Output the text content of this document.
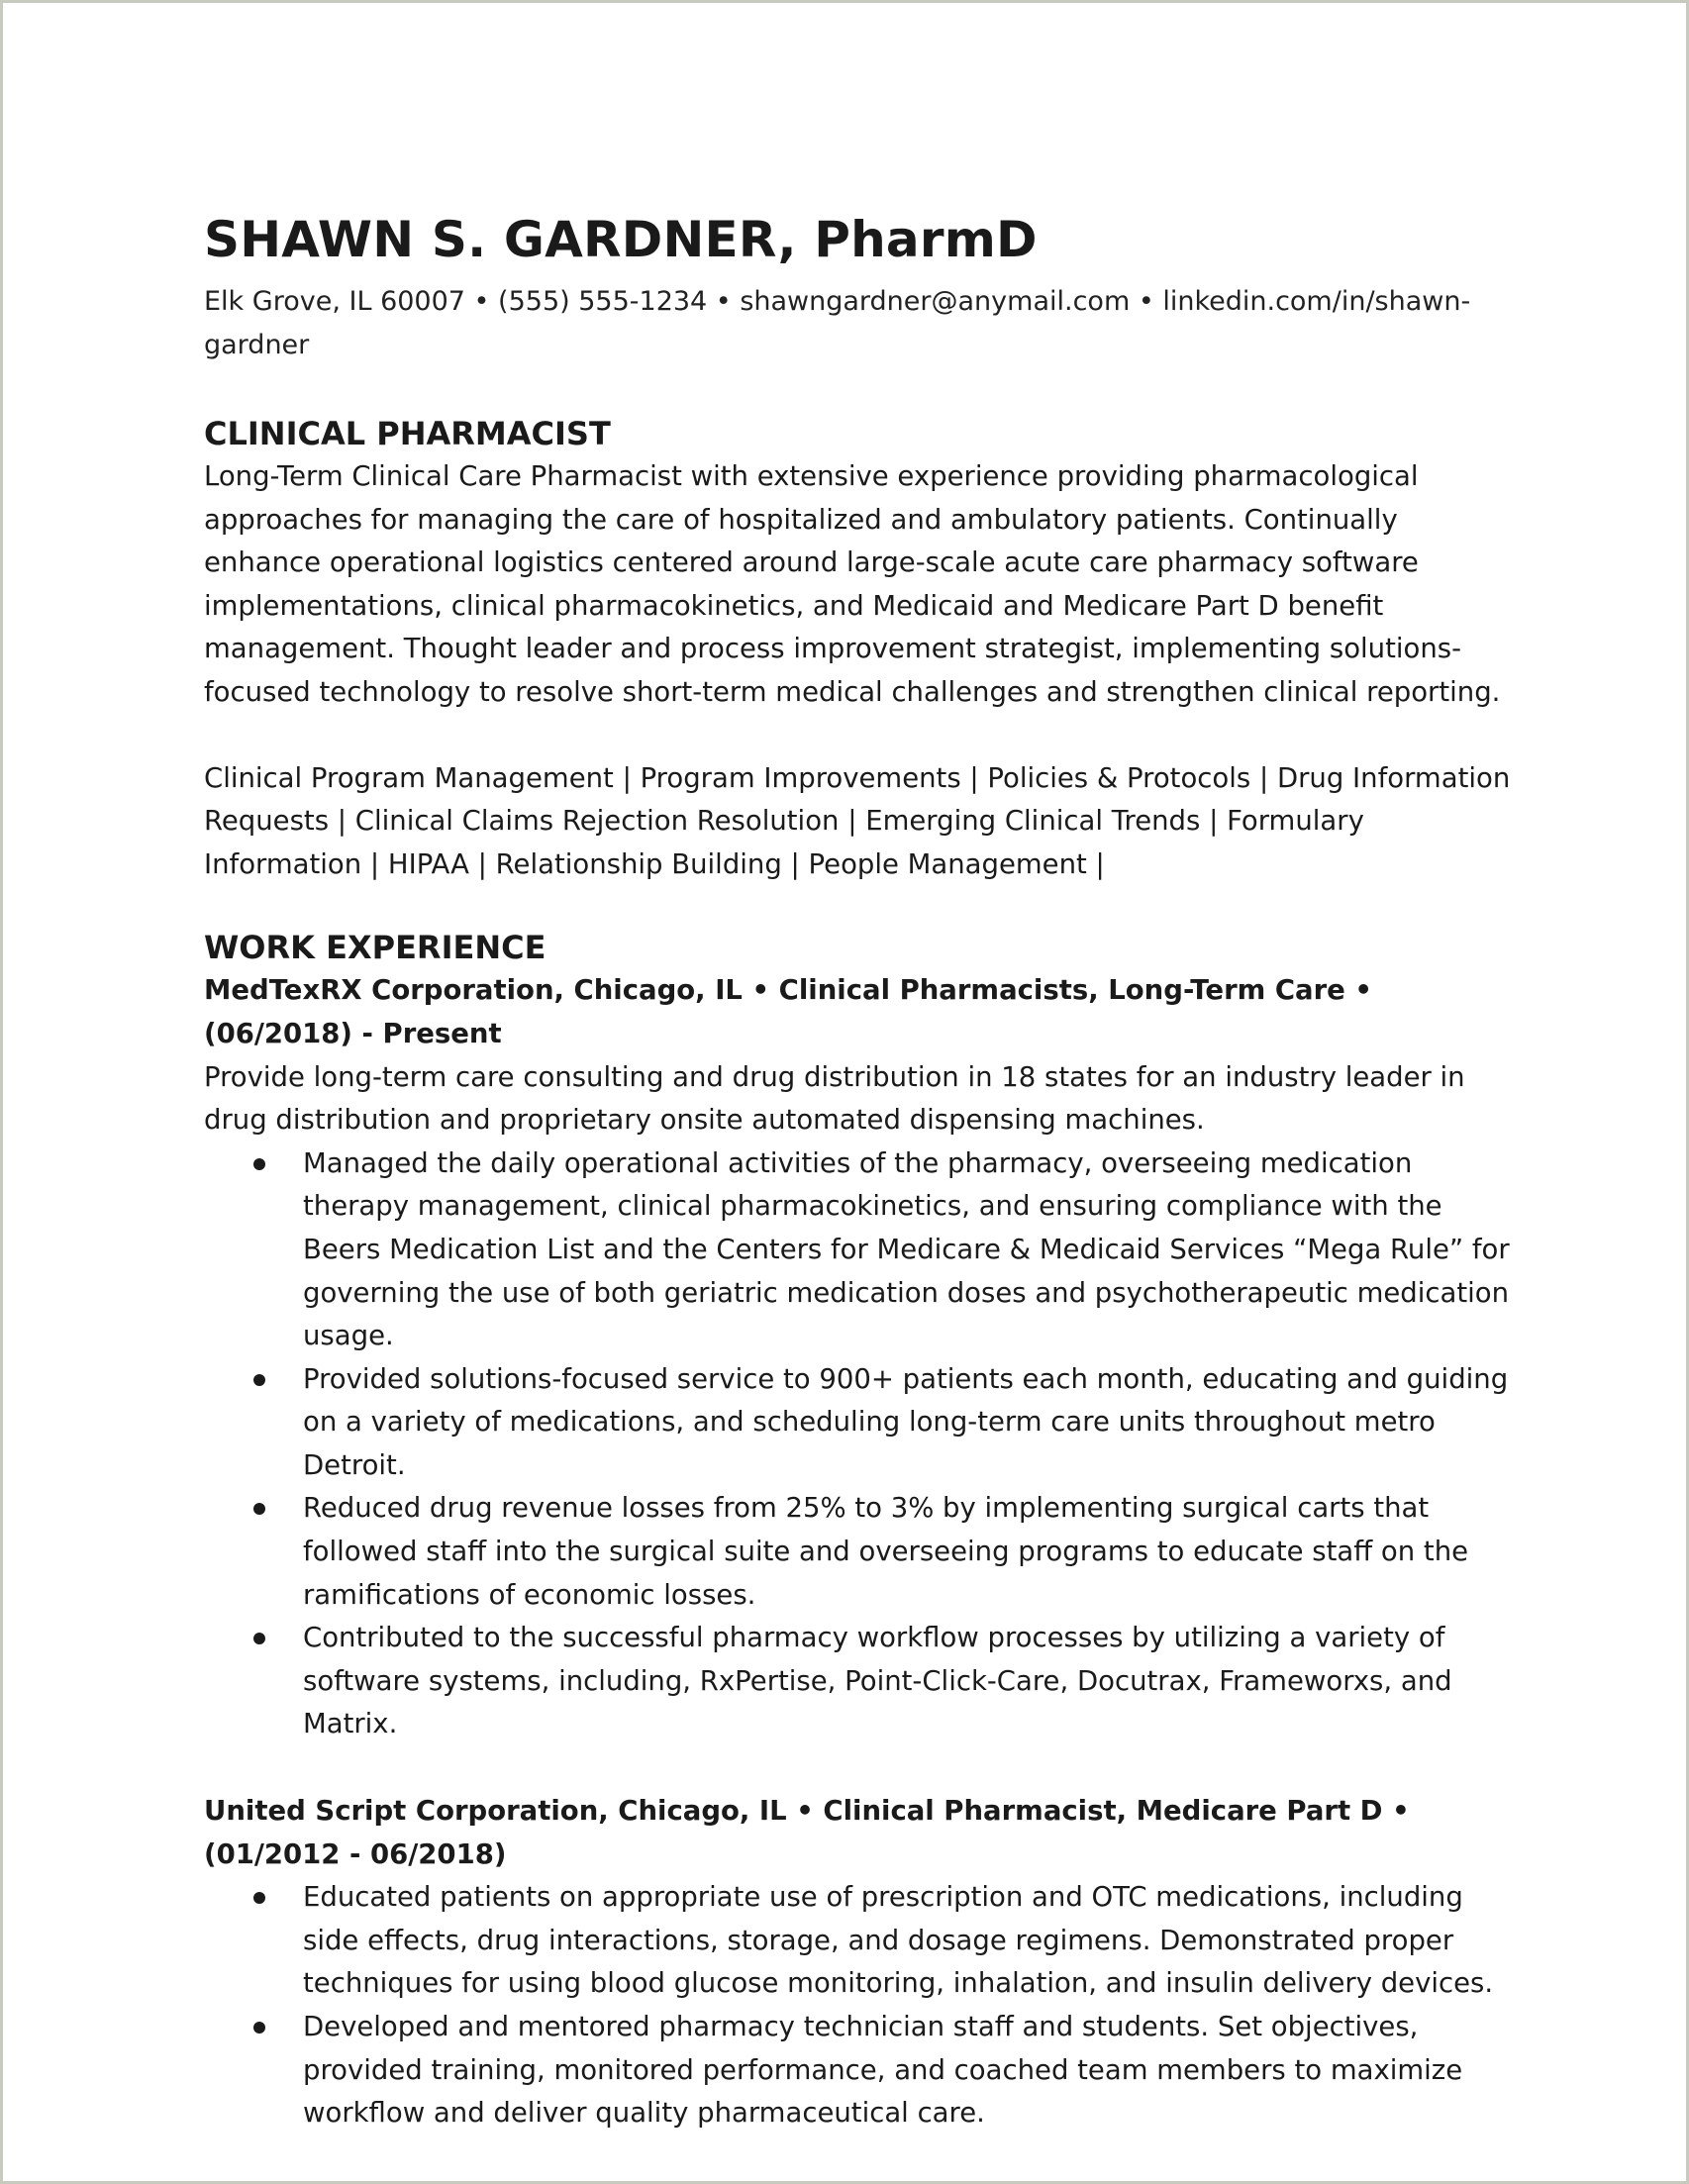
SHAWN S. GARDNER, PharmD

Elk Grove, IL 60007 • (555) 555-1234 • shawngardner@anymail.com • linkedin.com/in/shawn-gardner

CLINICAL PHARMACIST

Long-Term Clinical Care Pharmacist with extensive experience providing pharmacological approaches for managing the care of hospitalized and ambulatory patients. Continually enhance operational logistics centered around large-scale acute care pharmacy software implementations, clinical pharmacokinetics, and Medicaid and Medicare Part D benefit management. Thought leader and process improvement strategist, implementing solutions-focused technology to resolve short-term medical challenges and strengthen clinical reporting.

Clinical Program Management | Program Improvements | Policies & Protocols | Drug Information Requests | Clinical Claims Rejection Resolution | Emerging Clinical Trends | Formulary Information | HIPAA | Relationship Building | People Management |

WORK EXPERIENCE

MedTexRX Corporation, Chicago, IL • Clinical Pharmacists, Long-Term Care • (06/2018) - Present

Provide long-term care consulting and drug distribution in 18 states for an industry leader in drug distribution and proprietary onsite automated dispensing machines.

Managed the daily operational activities of the pharmacy, overseeing medication therapy management, clinical pharmacokinetics, and ensuring compliance with the Beers Medication List and the Centers for Medicare & Medicaid Services “Mega Rule” for governing the use of both geriatric medication doses and psychotherapeutic medication usage.
Provided solutions-focused service to 900+ patients each month, educating and guiding on a variety of medications, and scheduling long-term care units throughout metro Detroit.
Reduced drug revenue losses from 25% to 3% by implementing surgical carts that followed staff into the surgical suite and overseeing programs to educate staff on the ramifications of economic losses.
Contributed to the successful pharmacy workflow processes by utilizing a variety of software systems, including, RxPertise, Point-Click-Care, Docutrax, Frameworxs, and Matrix.

United Script Corporation, Chicago, IL • Clinical Pharmacist, Medicare Part D • (01/2012 - 06/2018)

Educated patients on appropriate use of prescription and OTC medications, including side effects, drug interactions, storage, and dosage regimens. Demonstrated proper techniques for using blood glucose monitoring, inhalation, and insulin delivery devices.
Developed and mentored pharmacy technician staff and students. Set objectives, provided training, monitored performance, and coached team members to maximize workflow and deliver quality pharmaceutical care.
